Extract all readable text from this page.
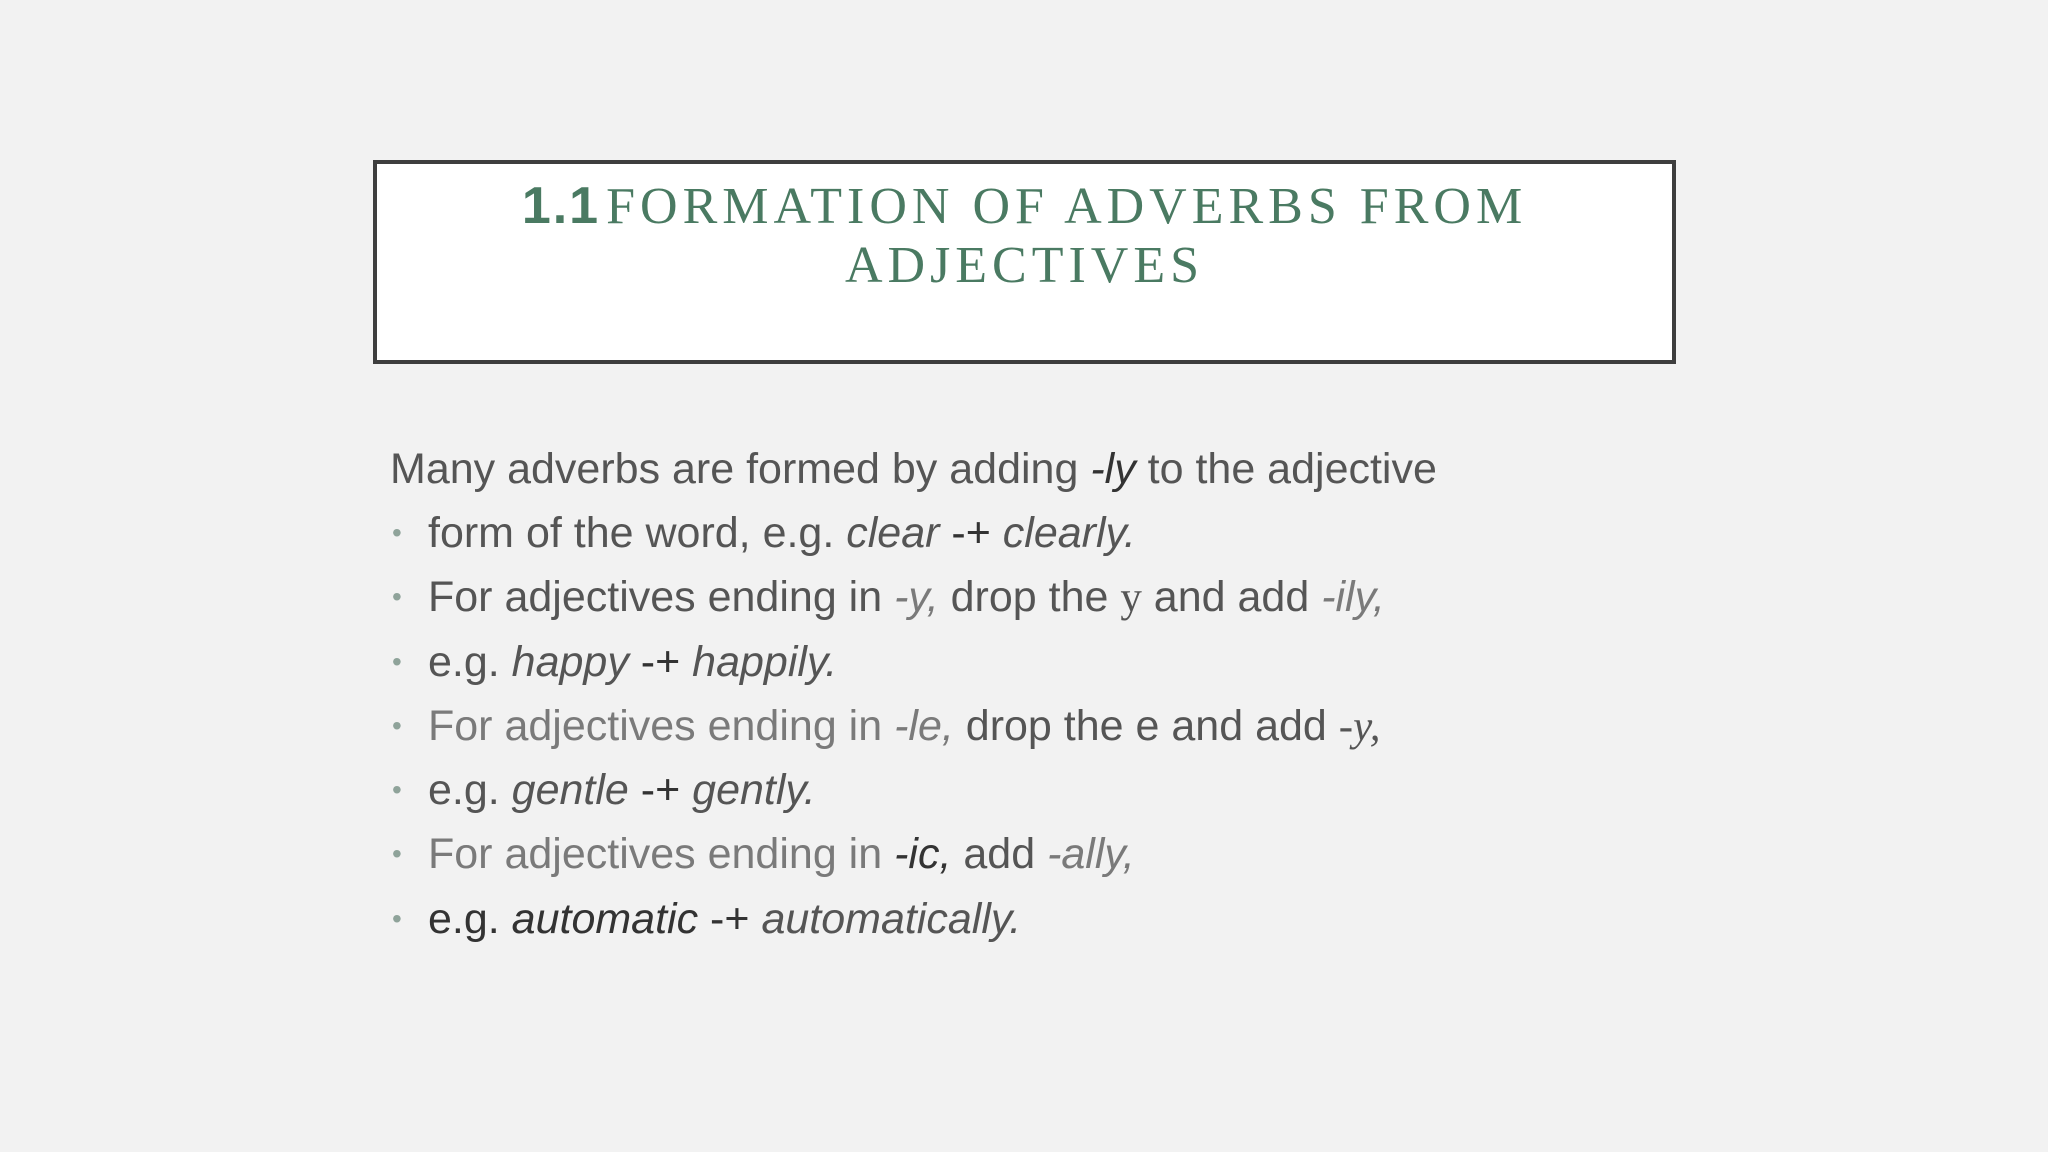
1.1 FORMATION OF ADVERBS FROM
ADJECTIVES
Many adverbs are formed by adding -ly to the adjective
• form of the word, e.g. clear -+ clearly.
• For adjectives ending in -y, drop the y and add -ily,
• e.g. happy -+ happily.
• For adjectives ending in -le, drop the e and add -y,
• e.g. gentle -+ gently.
• For adjectives ending in -ic, add -ally,
• e.g. automatic -+ automatically.
